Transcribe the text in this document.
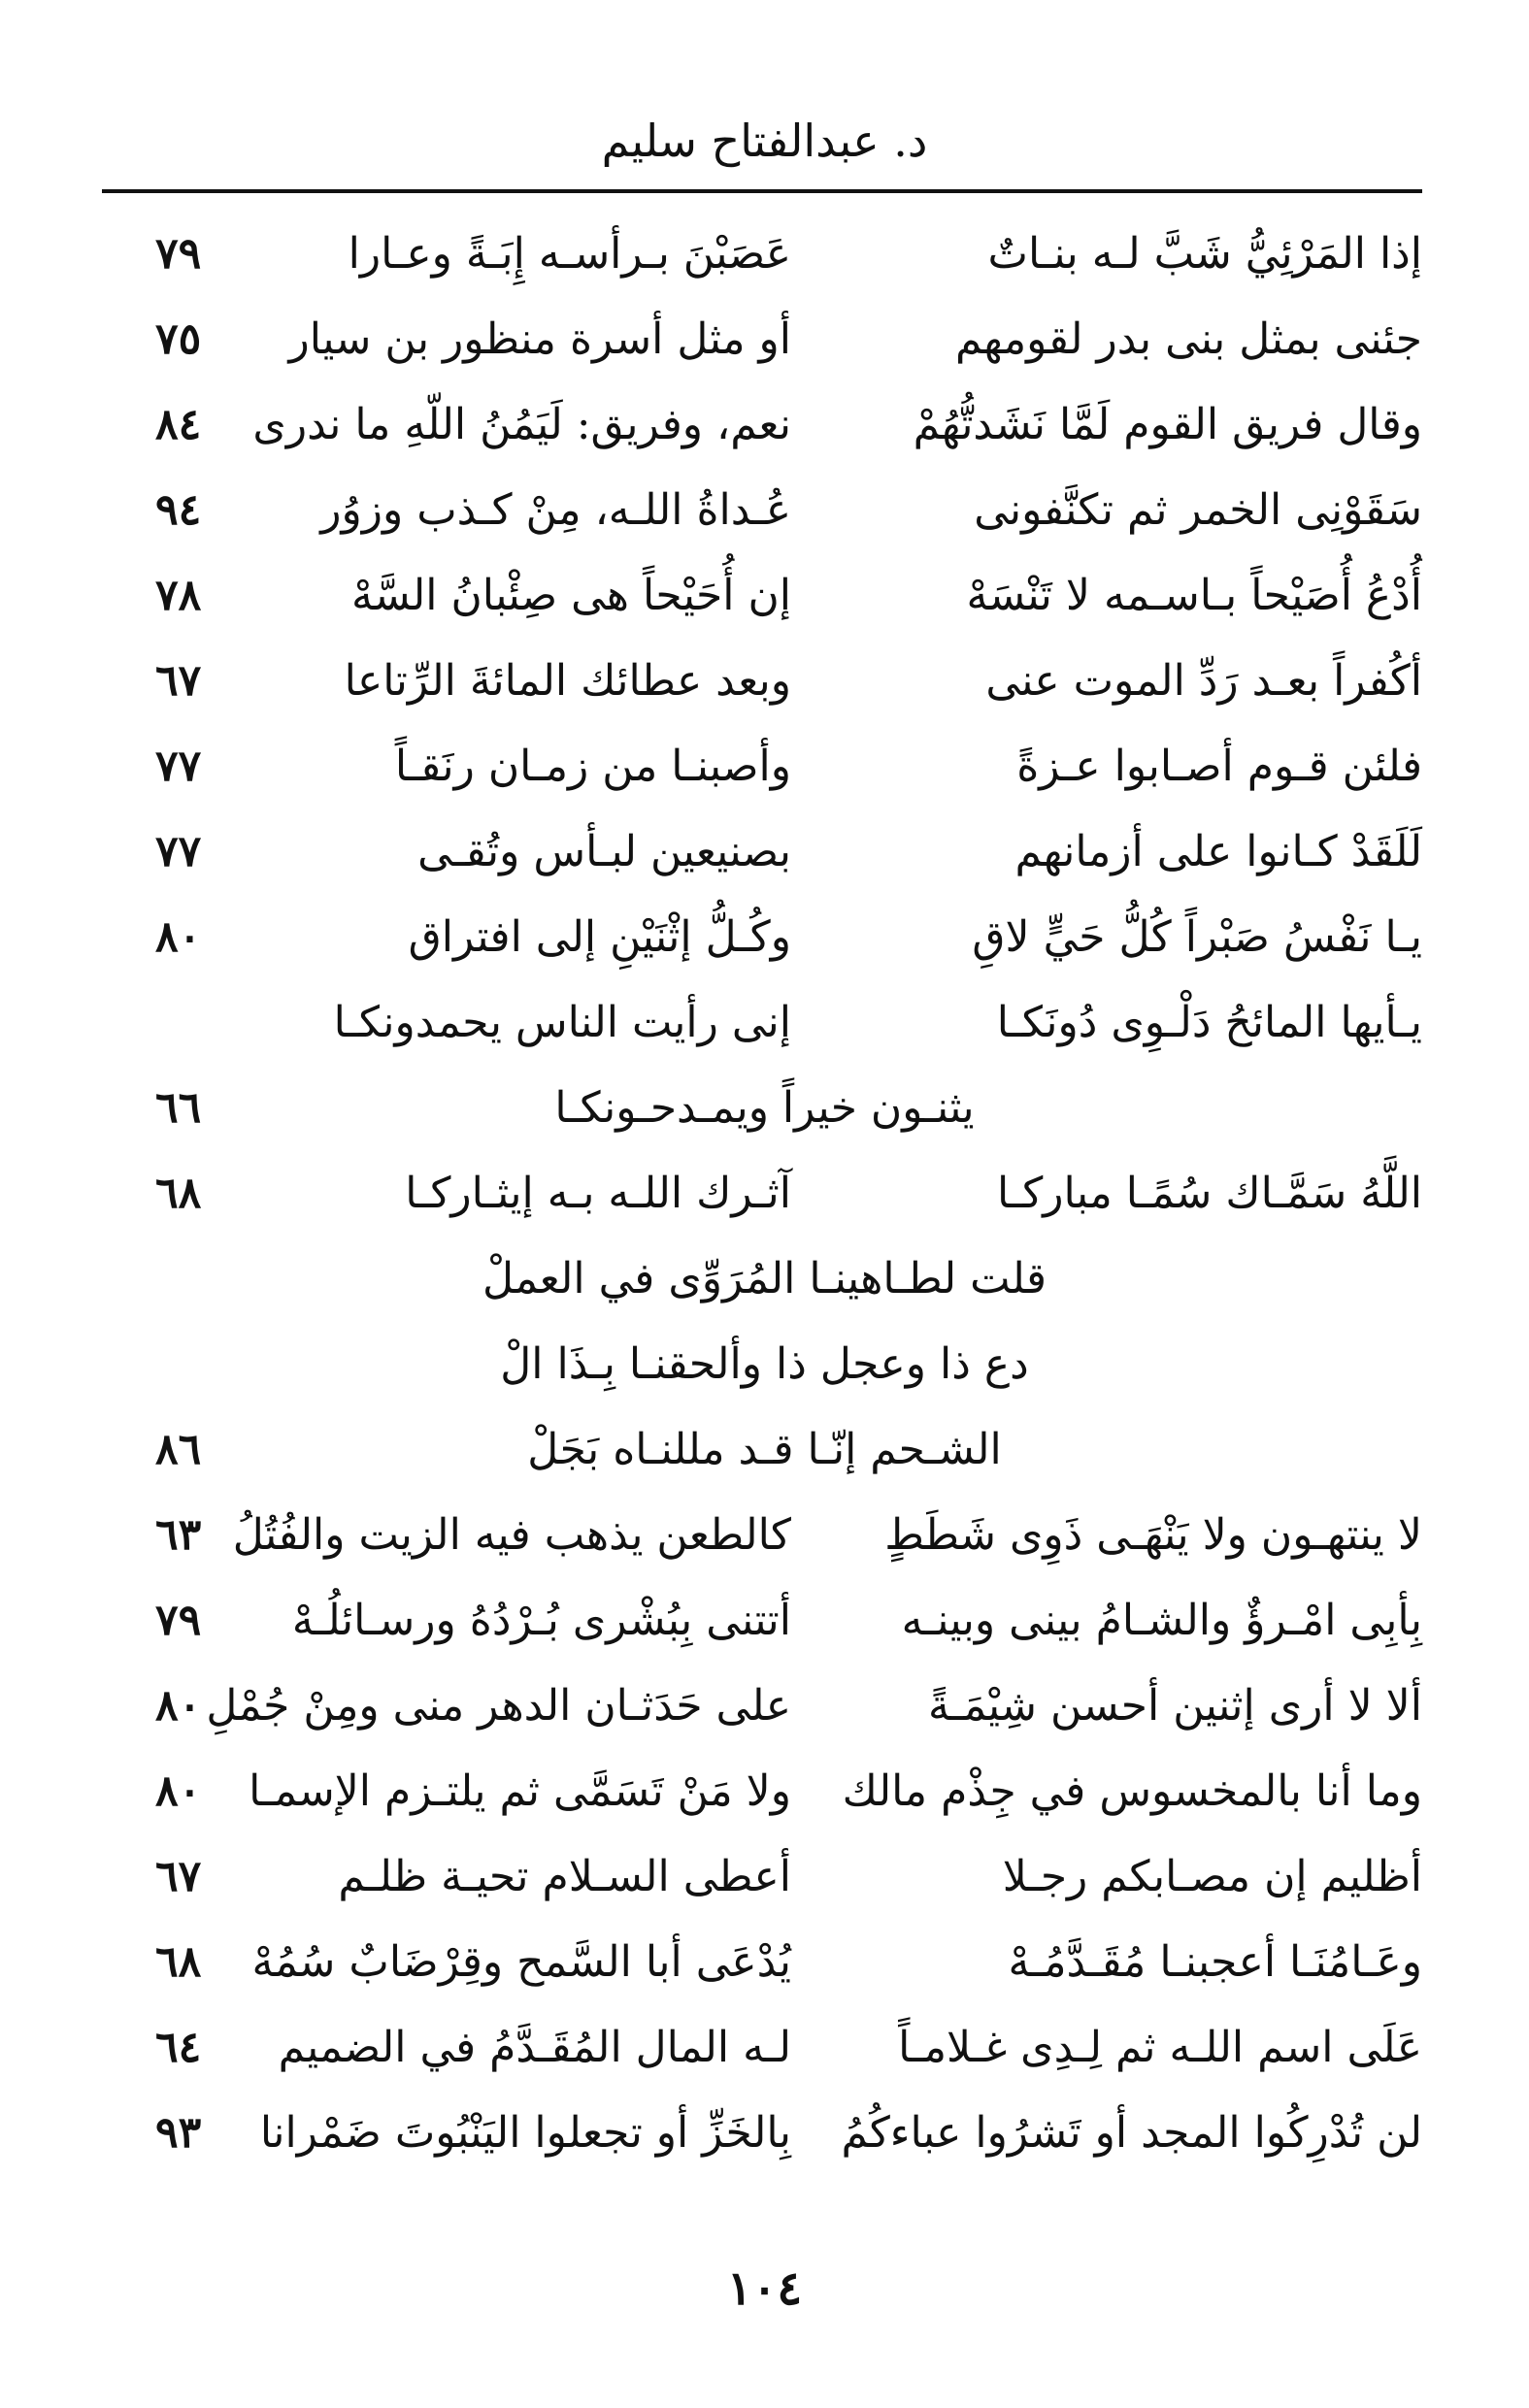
د. عبدالفتاح سليم
إذا المَرْئِيُّ شَبَّ لـه بنـاتٌ
عَصَبْنَ بـرأسـه إِبَـةً وعـارا
٧٩
جئنى بمثل بنى بدر لقومهم
أو مثل أسرة منظور بن سيار
٧٥
وقال فريق القوم لَمَّا نَشَدتُّهُمْ
نعم، وفريق: لَيَمُنُ اللّهِ ما ندرى
٨٤
سَقَوْنِى الخمر ثم تكنَّفونى
عُـداةُ اللـه، مِنْ كـذب وزوُر
٩٤
أُدْعُ أُصَيْحاً بـاسـمه لا تَنْسَهْ
إن أُحَيْحاً هى صِئْبانُ السَّهْ
٧٨
أكُفراً بعـد رَدِّ الموت عنى
وبعد عطائك المائةَ الرِّتاعا
٦٧
فلئن قـوم أصـابوا عـزةً
وأصبنـا من زمـان رنَقـاً
٧٧
لَلَقَدْ كـانوا على أزمانهم
بصنيعين لبـأس وتُقـى
٧٧
يـا نَفْسُ صَبْراً كُلُّ حَيٍّ لاقِ
وكُـلُّ إثْنَيْنِ إلى افتراق
٨٠
يـأيها المائحُ دَلْـوِى دُونَكـا
إنى رأيت الناس يحمدونكـا
يثنـون خيراً ويمـدحـونكـا
٦٦
اللَّهُ سَمَّـاك سُمًـا مباركـا
آثـرك اللـه بـه إيثـاركـا
٦٨
قلت لطـاهينـا المُرَوِّى في العملْ
دع ذا وعجل ذا وألحقنـا بِـذَا الْ
الشـحم إنّـا قـد مللنـاه بَجَلْ
٨٦
لا ينتهـون ولا يَنْهَـى ذَوِى شَطَطٍ
كالطعن يذهب فيه الزيت والفُتُلُ
٦٣
بِأبِى امْـرؤٌ والشـامُ بينى وبينـه
أتتنى بِبُشْرى بُـرْدُهُ ورسـائلُـهْ
٧٩
ألا لا أرى إثنين أحسن شِيْمَـةً
على حَدَثـان الدهر منى ومِنْ جُمْلِ
٨٠
وما أنا بالمخسوس في جِذْم مالك
ولا مَنْ تَسَمَّى ثم يلتـزم الإسمـا
٨٠
أظليم إن مصـابكم رجـلا
أعطى السـلام تحيـة ظلـم
٦٧
وعَـامُنَـا أعجبنـا مُقَـدَّمُـهْ
يُدْعَى أبا السَّمح وقِرْضَابٌ سُمُهْ
٦٨
عَلَى اسم اللـه ثم لِـدِى غـلامـاً
لـه المال المُقَـدَّمُ في الضميم
٦٤
لن تُدْرِكُوا المجد أو تَشرُوا عباءكُمُ
بِالخَزِّ أو تجعلوا اليَنْبُوتَ ضَمْرانا
٩٣
١٠٤
